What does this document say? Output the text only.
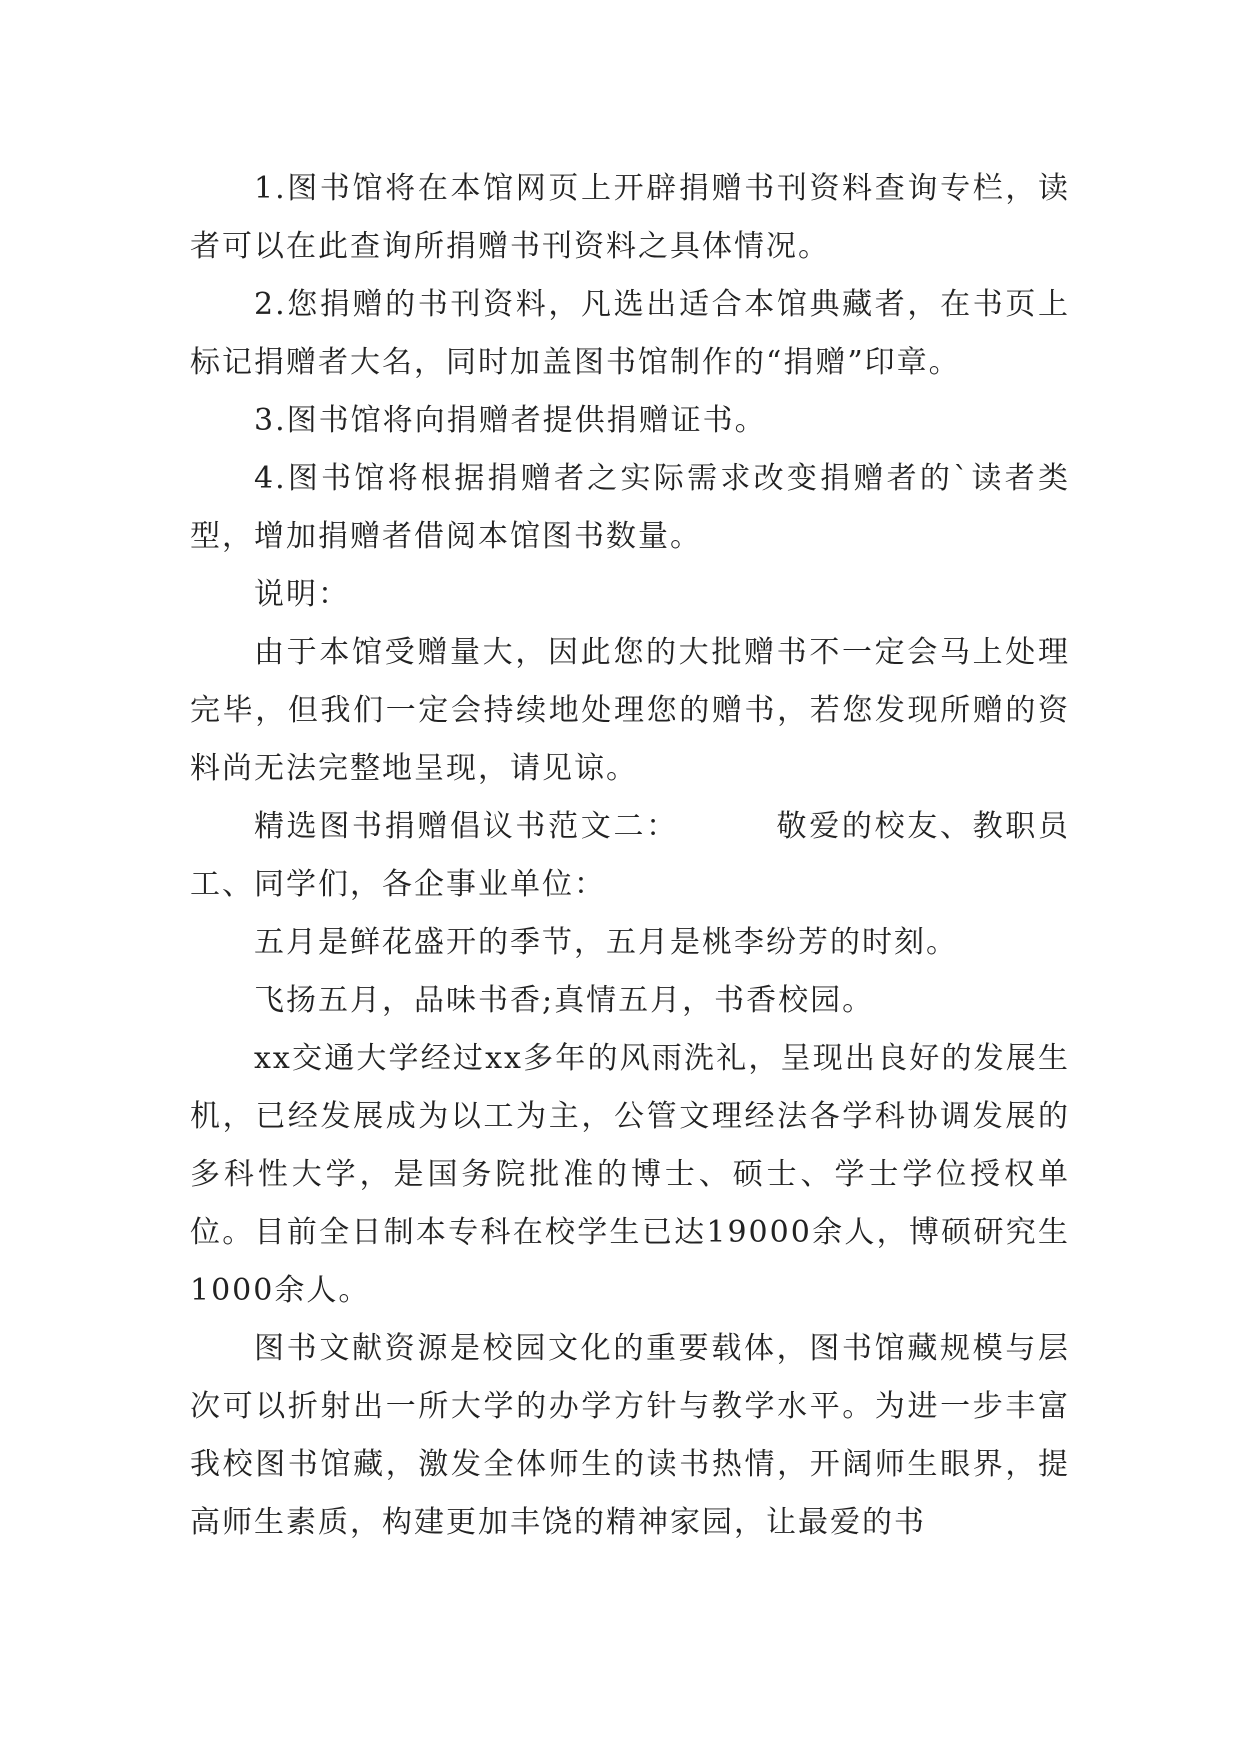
1.图书馆将在本馆网页上开辟捐赠书刊资料查询专栏，读者可以在此查询所捐赠书刊资料之具体情况。

2.您捐赠的书刊资料，凡选出适合本馆典藏者，在书页上标记捐赠者大名，同时加盖图书馆制作的“捐赠”印章。

3.图书馆将向捐赠者提供捐赠证书。

4.图书馆将根据捐赠者之实际需求改变捐赠者的`读者类型，增加捐赠者借阅本馆图书数量。

说明：

由于本馆受赠量大，因此您的大批赠书不一定会马上处理完毕，但我们一定会持续地处理您的赠书，若您发现所赠的资料尚无法完整地呈现，请见谅。

精选图书捐赠倡议书范文二：        敬爱的校友、教职员工、同学们，各企事业单位：

五月是鲜花盛开的季节，五月是桃李纷芳的时刻。

飞扬五月，品味书香;真情五月，书香校园。

xx交通大学经过xx多年的风雨洗礼，呈现出良好的发展生机，已经发展成为以工为主，公管文理经法各学科协调发展的多科性大学，是国务院批准的博士、硕士、学士学位授权单位。目前全日制本专科在校学生已达19000余人，博硕研究生1000余人。

图书文献资源是校园文化的重要载体，图书馆藏规模与层次可以折射出一所大学的办学方针与教学水平。为进一步丰富我校图书馆藏，激发全体师生的读书热情，开阔师生眼界，提高师生素质，构建更加丰饶的精神家园，让最爱的书
